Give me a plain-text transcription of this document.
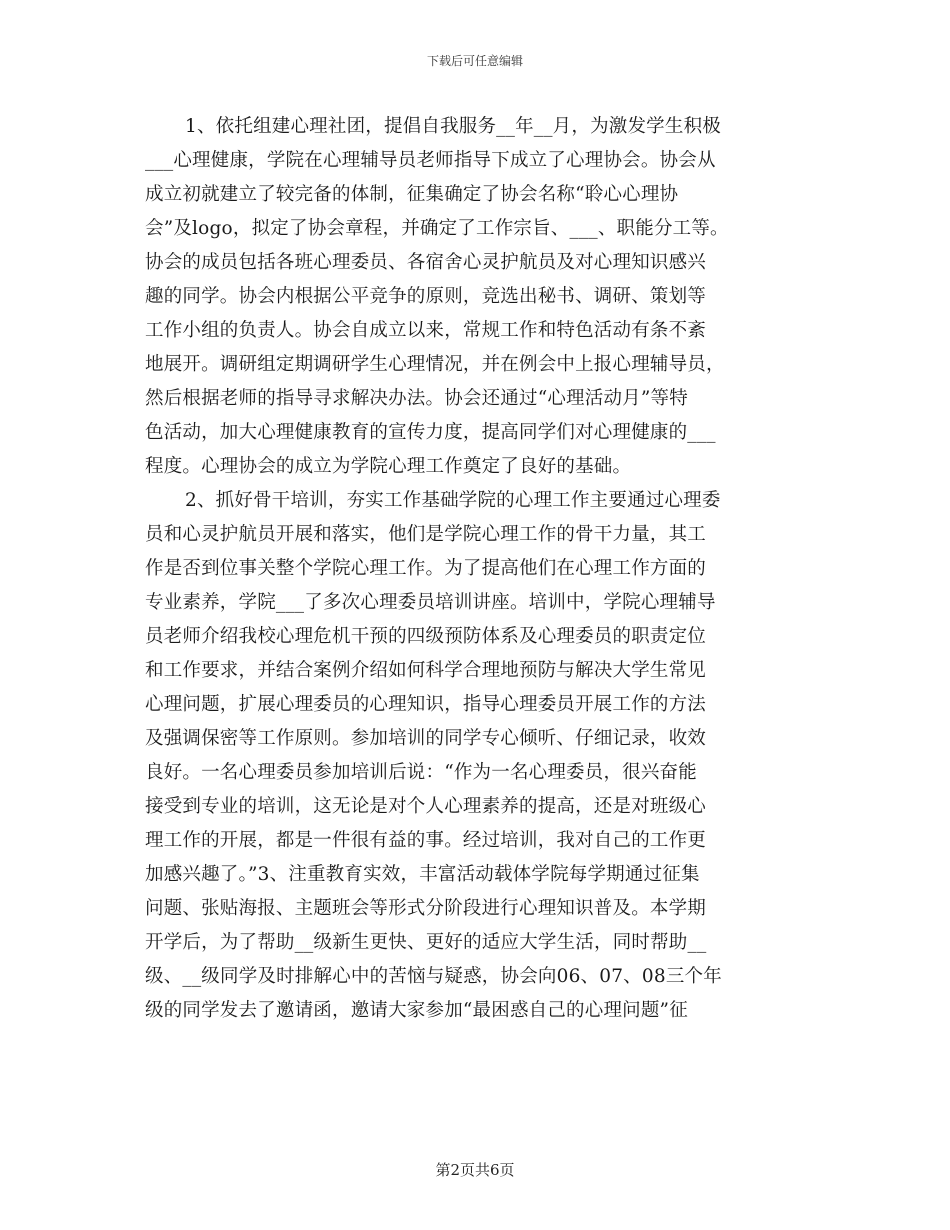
下载后可任意编辑
1、依托组建心理社团，提倡自我服务__年__月，为激发学生积极
___心理健康，学院在心理辅导员老师指导下成立了心理协会。协会从
成立初就建立了较完备的体制，征集确定了协会名称“聆心心理协
会”及logo，拟定了协会章程，并确定了工作宗旨、___、职能分工等。
协会的成员包括各班心理委员、各宿舍心灵护航员及对心理知识感兴
趣的同学。协会内根据公平竞争的原则，竞选出秘书、调研、策划等
工作小组的负责人。协会自成立以来，常规工作和特色活动有条不紊
地展开。调研组定期调研学生心理情况，并在例会中上报心理辅导员，
然后根据老师的指导寻求解决办法。协会还通过“心理活动月”等特
色活动，加大心理健康教育的宣传力度，提高同学们对心理健康的___
程度。心理协会的成立为学院心理工作奠定了良好的基础。
2、抓好骨干培训，夯实工作基础学院的心理工作主要通过心理委
员和心灵护航员开展和落实，他们是学院心理工作的骨干力量，其工
作是否到位事关整个学院心理工作。为了提高他们在心理工作方面的
专业素养，学院___了多次心理委员培训讲座。培训中，学院心理辅导
员老师介绍我校心理危机干预的四级预防体系及心理委员的职责定位
和工作要求，并结合案例介绍如何科学合理地预防与解决大学生常见
心理问题，扩展心理委员的心理知识，指导心理委员开展工作的方法
及强调保密等工作原则。参加培训的同学专心倾听、仔细记录，收效
良好。一名心理委员参加培训后说：“作为一名心理委员，很兴奋能
接受到专业的培训，这无论是对个人心理素养的提高，还是对班级心
理工作的开展，都是一件很有益的事。经过培训，我对自己的工作更
加感兴趣了。”3、注重教育实效，丰富活动载体学院每学期通过征集
问题、张贴海报、主题班会等形式分阶段进行心理知识普及。本学期
开学后，为了帮助__级新生更快、更好的适应大学生活，同时帮助__
级、__级同学及时排解心中的苦恼与疑惑，协会向06、07、08三个年
级的同学发去了邀请函，邀请大家参加“最困惑自己的心理问题”征
第2页共6页
